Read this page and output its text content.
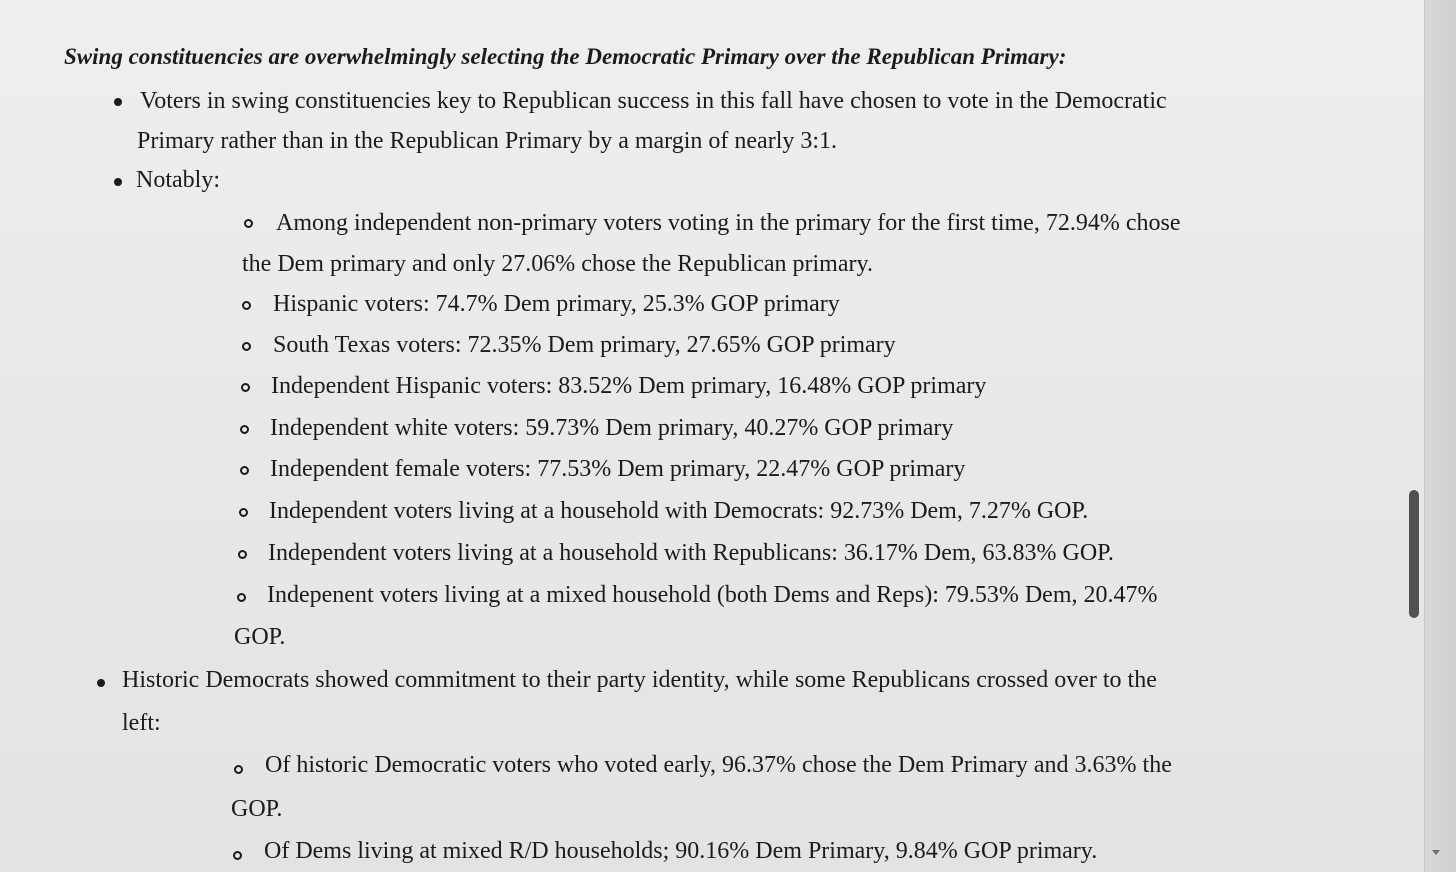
Swing constituencies are overwhelmingly selecting the Democratic Primary over the Republican Primary:
Voters in swing constituencies key to Republican success in this fall have chosen to vote in the Democratic
Primary rather than in the Republican Primary by a margin of nearly 3:1.
Notably:
Among independent non-primary voters voting in the primary for the first time, 72.94% chose
the Dem primary and only 27.06% chose the Republican primary.
Hispanic voters: 74.7% Dem primary, 25.3% GOP primary
South Texas voters: 72.35% Dem primary, 27.65% GOP primary
Independent Hispanic voters: 83.52% Dem primary, 16.48% GOP primary
Independent white voters: 59.73% Dem primary, 40.27% GOP primary
Independent female voters: 77.53% Dem primary, 22.47% GOP primary
Independent voters living at a household with Democrats: 92.73% Dem, 7.27% GOP.
Independent voters living at a household with Republicans: 36.17% Dem, 63.83% GOP.
Indepenent voters living at a mixed household (both Dems and Reps): 79.53% Dem, 20.47%
GOP.
Historic Democrats showed commitment to their party identity, while some Republicans crossed over to the
left:
Of historic Democratic voters who voted early, 96.37% chose the Dem Primary and 3.63% the
GOP.
Of Dems living at mixed R/D households; 90.16% Dem Primary, 9.84% GOP primary.
